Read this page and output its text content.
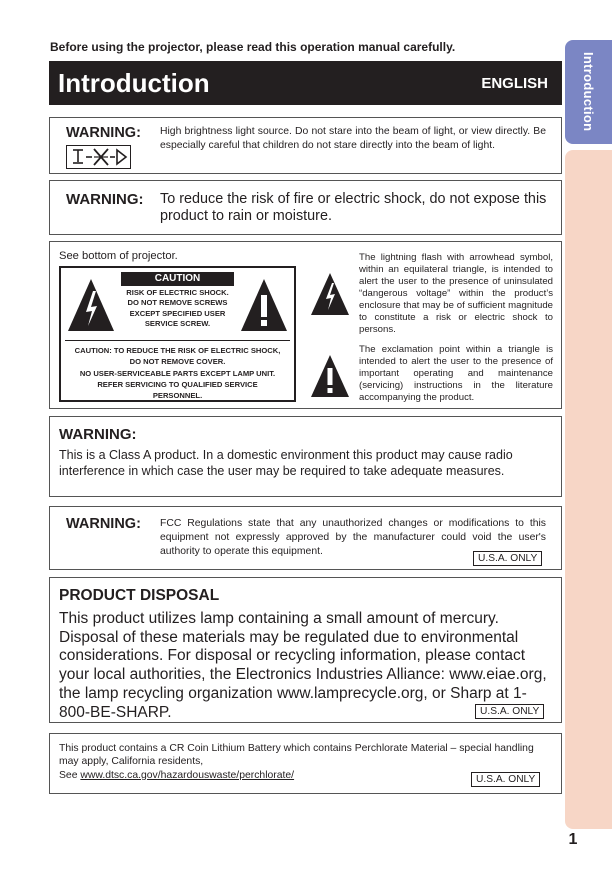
Introduction
1
Before using the projector, please read this operation manual carefully.
Introduction	ENGLISH
WARNING: High brightness light source. Do not stare into the beam of light, or view directly. Be especially careful that children do not stare directly into the beam of light.
WARNING: To reduce the risk of fire or electric shock, do not expose this product to rain or moisture.
See bottom of projector.
CAUTION
RISK OF ELECTRIC SHOCK.
DO NOT REMOVE SCREWS
EXCEPT SPECIFIED USER
SERVICE SCREW.
CAUTION: TO REDUCE THE RISK OF ELECTRIC SHOCK,
DO NOT REMOVE COVER.
NO USER-SERVICEABLE PARTS EXCEPT LAMP UNIT.
REFER SERVICING TO QUALIFIED SERVICE
PERSONNEL.
The lightning flash with arrowhead symbol, within an equilateral triangle, is intended to alert the user to the presence of uninsulated “dangerous voltage” within the product’s enclosure that may be of sufficient magnitude to constitute a risk or electric shock to persons.
The exclamation point within a triangle is intended to alert the user to the presence of important operating and maintenance (servicing) instructions in the literature accompanying the product.
WARNING:
This is a Class A product. In a domestic environment this product may cause radio interference in which case the user may be required to take adequate measures.
WARNING: FCC Regulations state that any unauthorized changes or modifications to this equipment not expressly approved by the manufacturer could void the user's authority to operate this equipment.
U.S.A. ONLY
PRODUCT DISPOSAL
This product utilizes lamp containing a small amount of mercury. Disposal of these materials may be regulated due to environmental considerations. For disposal or recycling information, please contact your local authorities, the Electronics Industries Alliance: www.eiae.org, the lamp recycling organization www.lamprecycle.org, or Sharp at 1-800-BE-SHARP.	U.S.A. ONLY
This product contains a CR Coin Lithium Battery which contains Perchlorate Material – special handling may apply, California residents,
See www.dtsc.ca.gov/hazardouswaste/perchlorate/	U.S.A. ONLY
